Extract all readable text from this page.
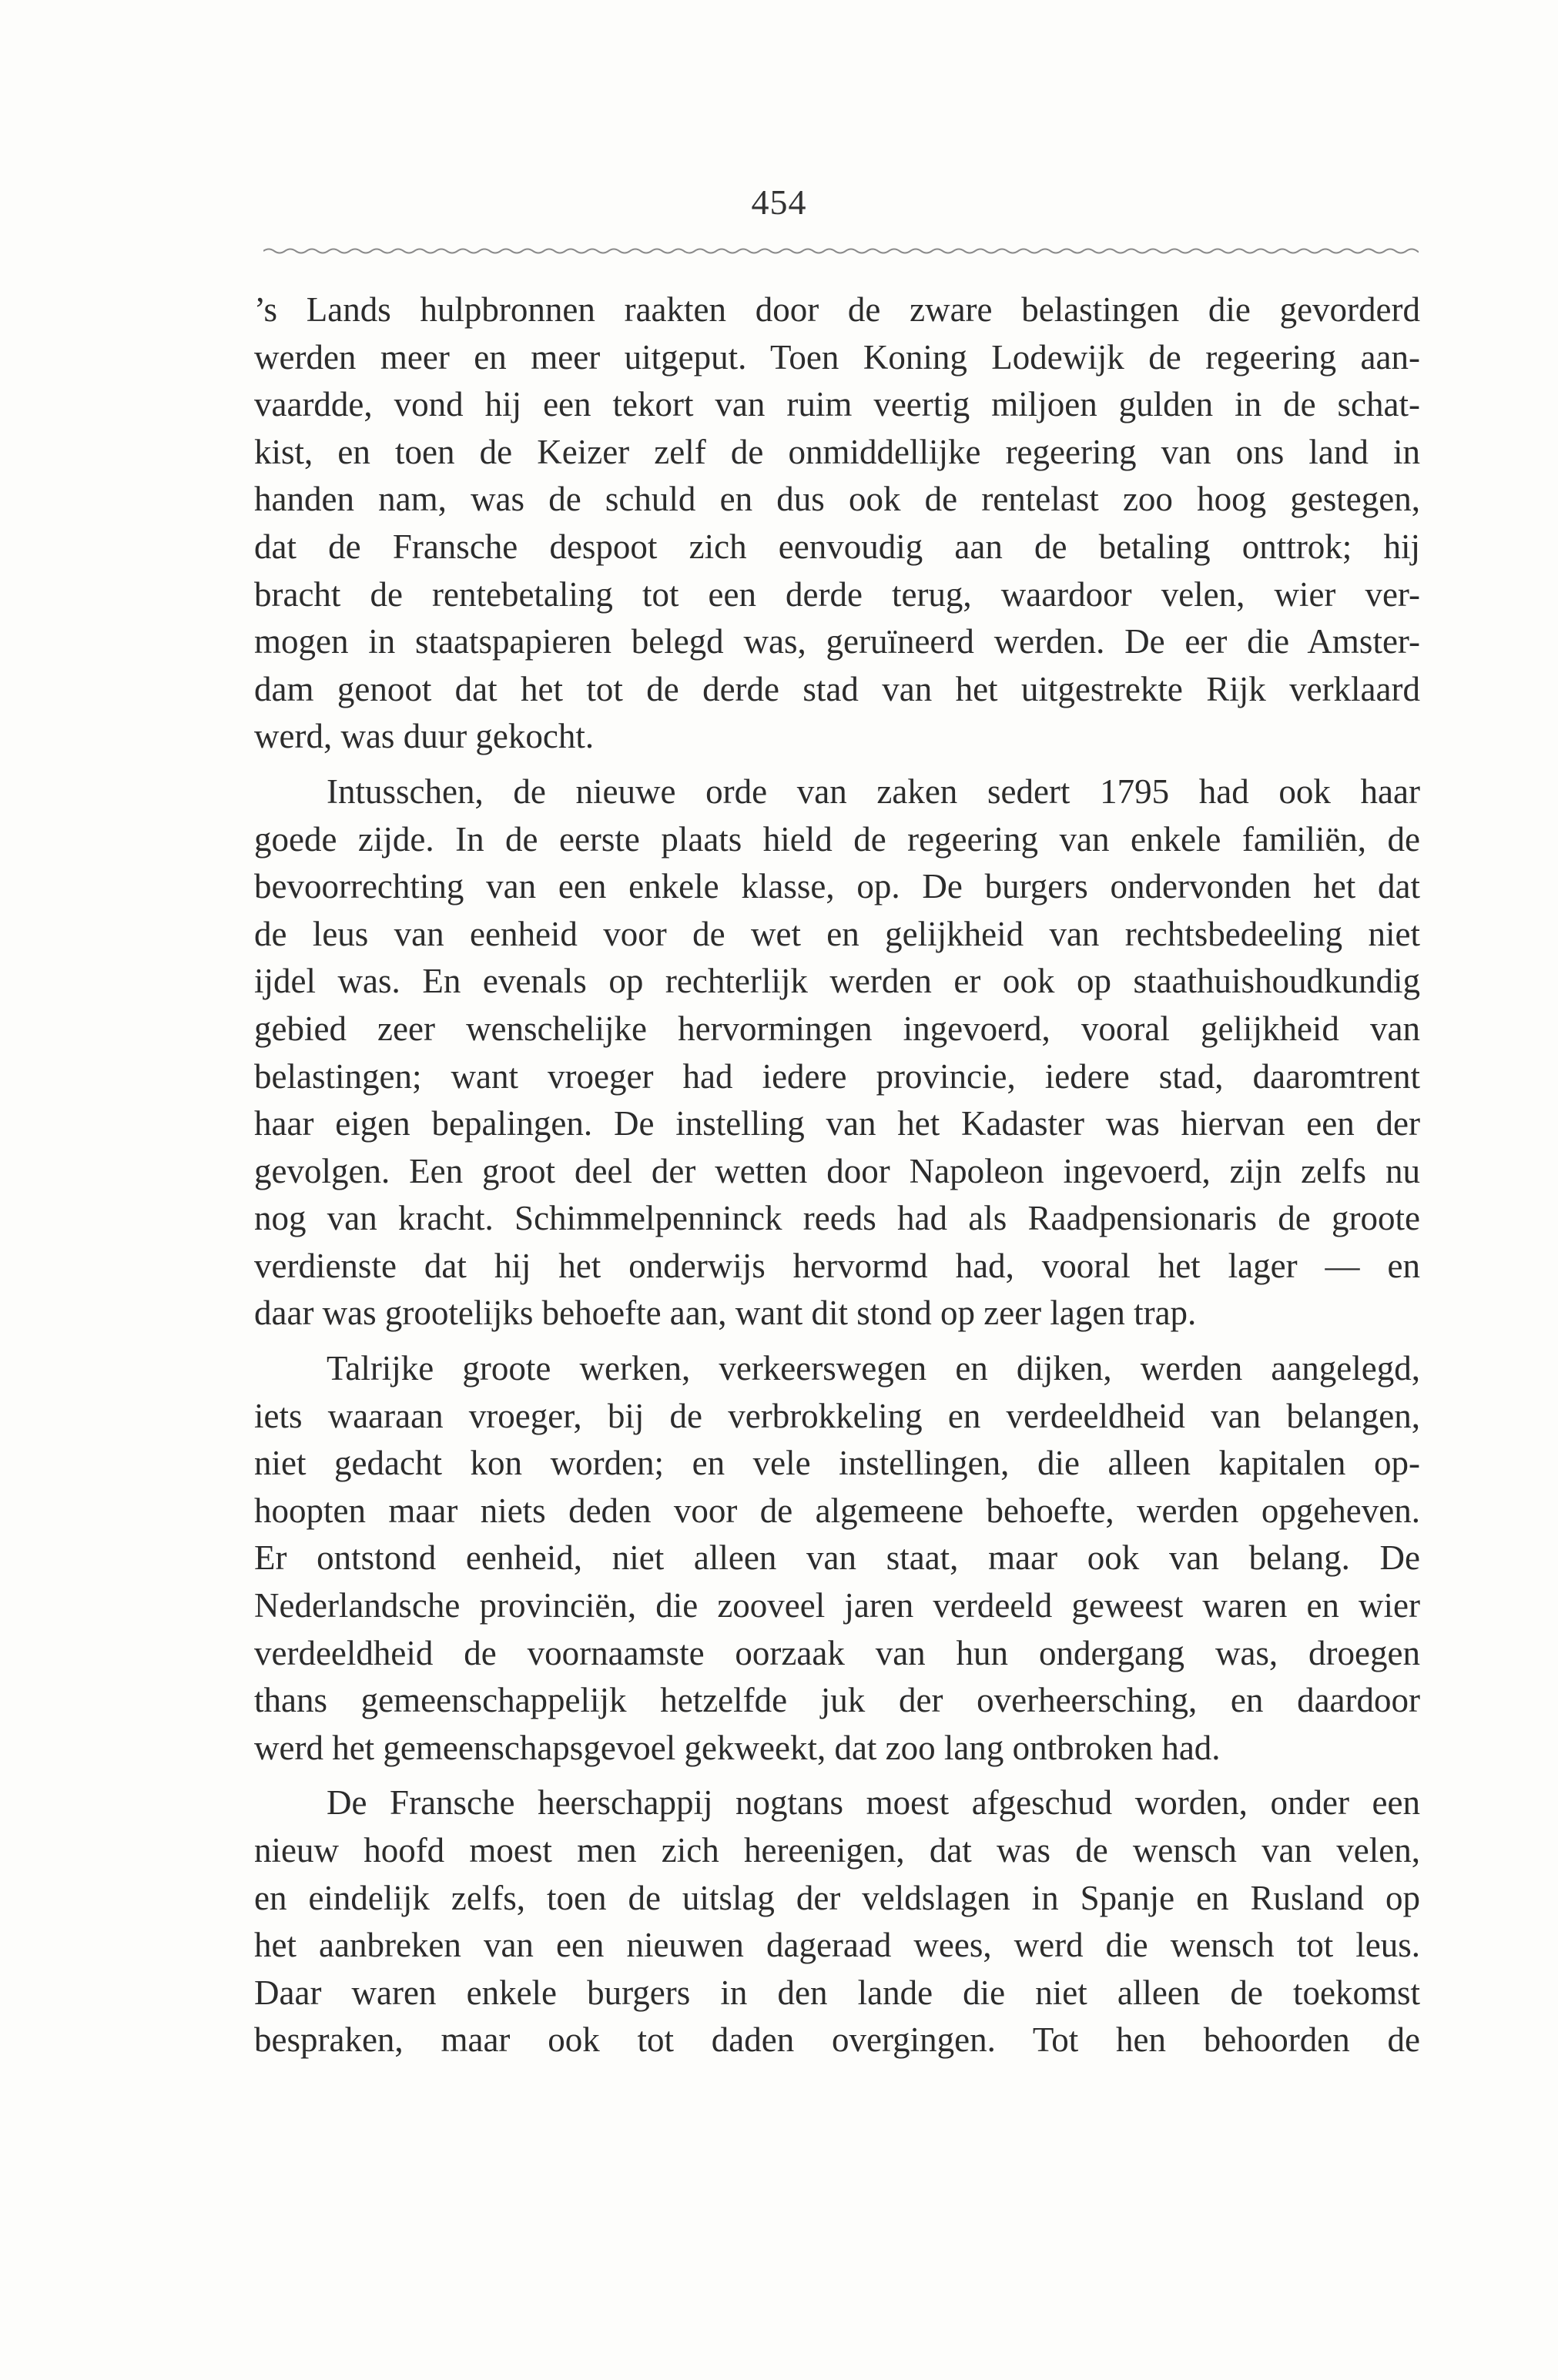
454
’s Lands hulpbronnen raakten door de zware belastingen die gevorderd
werden meer en meer uitgeput. Toen Koning Lodewijk de regeering aan-
vaardde, vond hij een tekort van ruim veertig miljoen gulden in de schat-
kist, en toen de Keizer zelf de onmiddellijke regeering van ons land in
handen nam, was de schuld en dus ook de rentelast zoo hoog gestegen,
dat de Fransche despoot zich eenvoudig aan de betaling onttrok; hij
bracht de rentebetaling tot een derde terug, waardoor velen, wier ver-
mogen in staatspapieren belegd was, geruïneerd werden. De eer die Amster-
dam genoot dat het tot de derde stad van het uitgestrekte Rijk verklaard
werd, was duur gekocht.
Intusschen, de nieuwe orde van zaken sedert 1795 had ook haar
goede zijde. In de eerste plaats hield de regeering van enkele familiën, de
bevoorrechting van een enkele klasse, op. De burgers ondervonden het dat
de leus van eenheid voor de wet en gelijkheid van rechtsbedeeling niet
ijdel was. En evenals op rechterlijk werden er ook op staathuishoudkundig
gebied zeer wenschelijke hervormingen ingevoerd, vooral gelijkheid van
belastingen; want vroeger had iedere provincie, iedere stad, daaromtrent
haar eigen bepalingen. De instelling van het Kadaster was hiervan een der
gevolgen. Een groot deel der wetten door Napoleon ingevoerd, zijn zelfs nu
nog van kracht. Schimmelpenninck reeds had als Raadpensionaris de groote
verdienste dat hij het onderwijs hervormd had, vooral het lager — en
daar was grootelijks behoefte aan, want dit stond op zeer lagen trap.
Talrijke groote werken, verkeerswegen en dijken, werden aangelegd,
iets waaraan vroeger, bij de verbrokkeling en verdeeldheid van belangen,
niet gedacht kon worden; en vele instellingen, die alleen kapitalen op-
hoopten maar niets deden voor de algemeene behoefte, werden opgeheven.
Er ontstond eenheid, niet alleen van staat, maar ook van belang. De
Nederlandsche provinciën, die zooveel jaren verdeeld geweest waren en wier
verdeeldheid de voornaamste oorzaak van hun ondergang was, droegen
thans gemeenschappelijk hetzelfde juk der overheersching, en daardoor
werd het gemeenschapsgevoel gekweekt, dat zoo lang ontbroken had.
De Fransche heerschappij nogtans moest afgeschud worden, onder een
nieuw hoofd moest men zich hereenigen, dat was de wensch van velen,
en eindelijk zelfs, toen de uitslag der veldslagen in Spanje en Rusland op
het aanbreken van een nieuwen dageraad wees, werd die wensch tot leus.
Daar waren enkele burgers in den lande die niet alleen de toekomst
bespraken, maar ook tot daden overgingen. Tot hen behoorden de
